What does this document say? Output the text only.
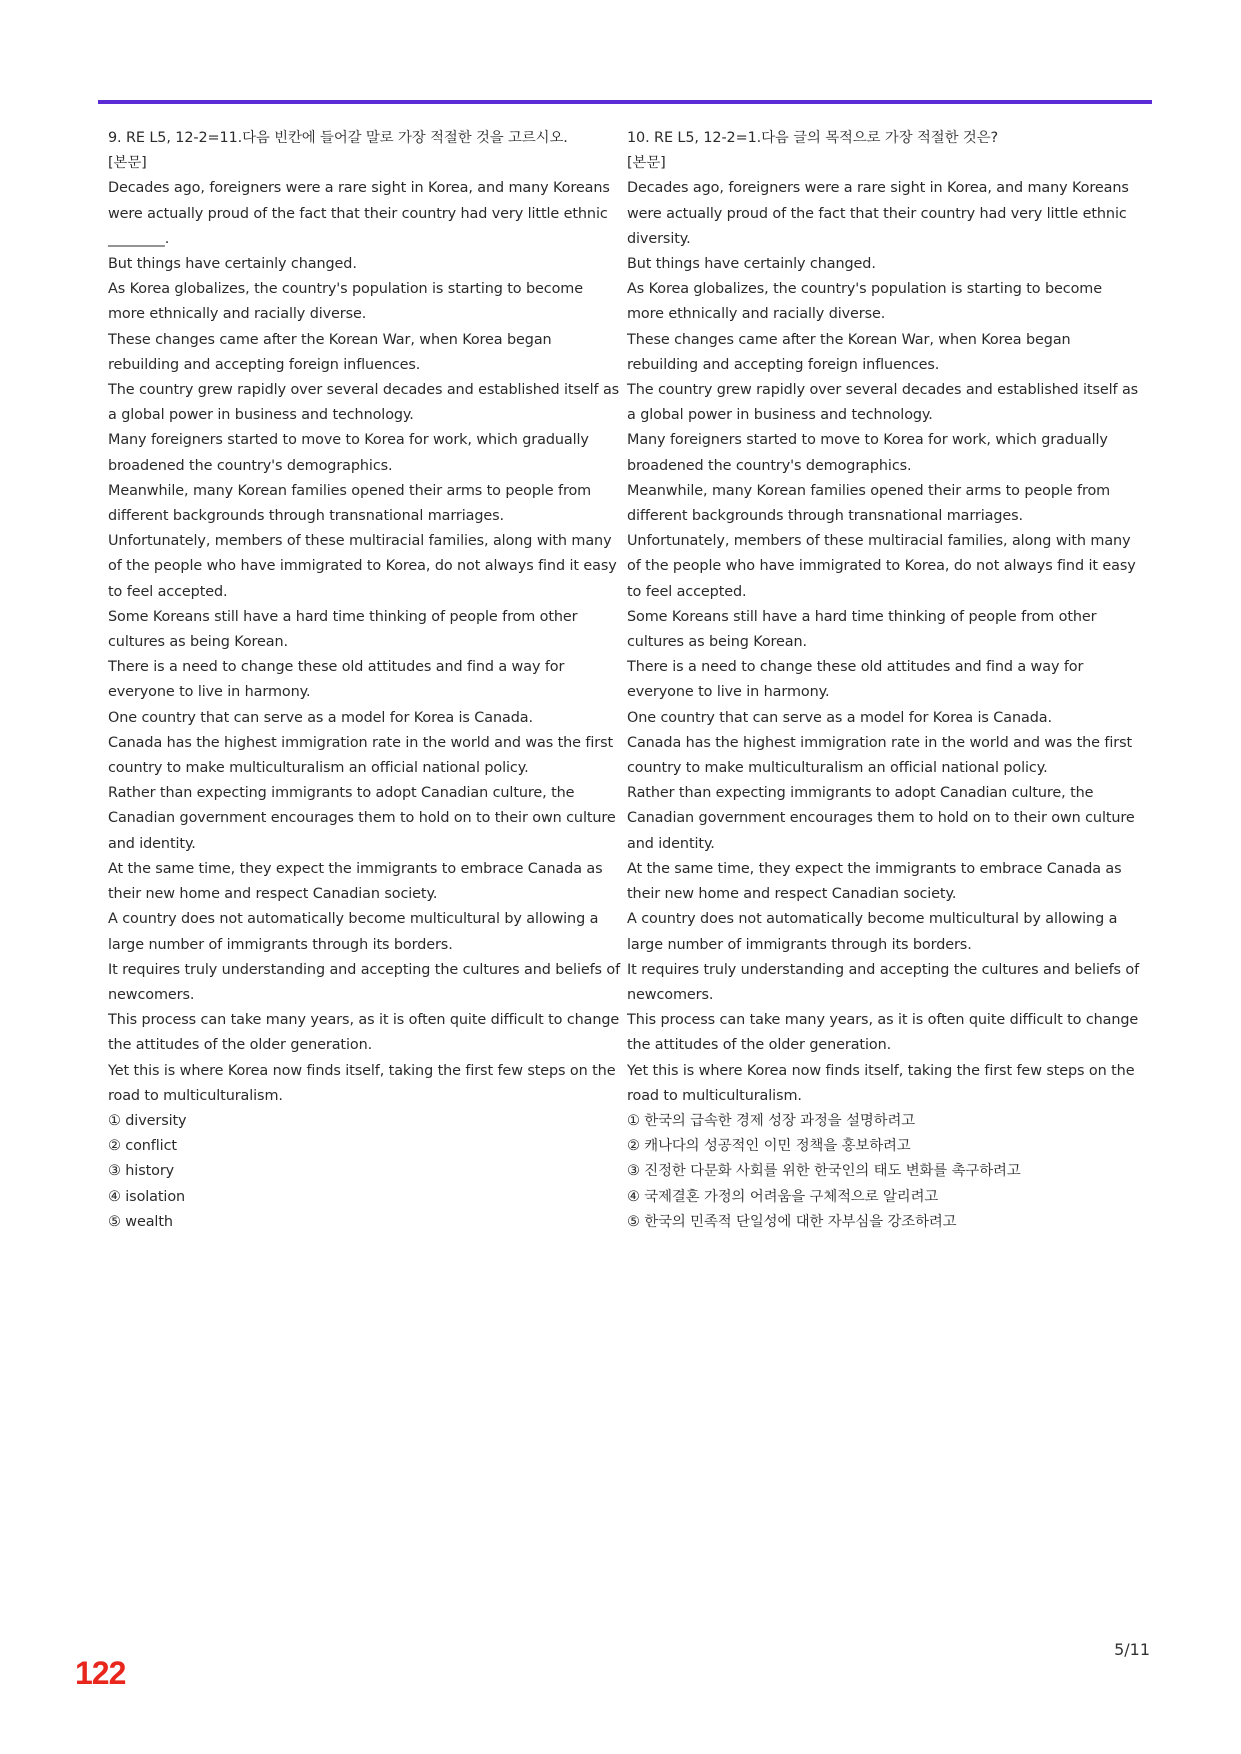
9. RE L5, 12-2=11.다음 빈칸에 들어갈 말로 가장 적절한 것을 고르시오.

[본문]

Decades ago, foreigners were a rare sight in Korea, and many Koreans were actually proud of the fact that their country had very little ethnic

________.

But things have certainly changed.

As Korea globalizes, the country's population is starting to become more ethnically and racially diverse.

These changes came after the Korean War, when Korea began rebuilding and accepting foreign influences.

The country grew rapidly over several decades and established itself as a global power in business and technology.

Many foreigners started to move to Korea for work, which gradually broadened the country's demographics.

Meanwhile, many Korean families opened their arms to people from different backgrounds through transnational marriages.

Unfortunately, members of these multiracial families, along with many of the people who have immigrated to Korea, do not always find it easy to feel accepted.

Some Koreans still have a hard time thinking of people from other cultures as being Korean.

There is a need to change these old attitudes and find a way for everyone to live in harmony.

One country that can serve as a model for Korea is Canada.

Canada has the highest immigration rate in the world and was the first country to make multiculturalism an official national policy.

Rather than expecting immigrants to adopt Canadian culture, the Canadian government encourages them to hold on to their own culture and identity.

At the same time, they expect the immigrants to embrace Canada as their new home and respect Canadian society.

A country does not automatically become multicultural by allowing a large number of immigrants through its borders.

It requires truly understanding and accepting the cultures and beliefs of newcomers.

This process can take many years, as it is often quite difficult to change the attitudes of the older generation.

Yet this is where Korea now finds itself, taking the first few steps on the road to multiculturalism.

① diversity

② conflict

③ history

④ isolation

⑤ wealth

10. RE L5, 12-2=1.다음 글의 목적으로 가장 적절한 것은?

[본문]

Decades ago, foreigners were a rare sight in Korea, and many Koreans were actually proud of the fact that their country had very little ethnic diversity.

But things have certainly changed.

As Korea globalizes, the country's population is starting to become more ethnically and racially diverse.

These changes came after the Korean War, when Korea began rebuilding and accepting foreign influences.

The country grew rapidly over several decades and established itself as a global power in business and technology.

Many foreigners started to move to Korea for work, which gradually broadened the country's demographics.

Meanwhile, many Korean families opened their arms to people from different backgrounds through transnational marriages.

Unfortunately, members of these multiracial families, along with many of the people who have immigrated to Korea, do not always find it easy to feel accepted.

Some Koreans still have a hard time thinking of people from other cultures as being Korean.

There is a need to change these old attitudes and find a way for everyone to live in harmony.

One country that can serve as a model for Korea is Canada.

Canada has the highest immigration rate in the world and was the first country to make multiculturalism an official national policy.

Rather than expecting immigrants to adopt Canadian culture, the Canadian government encourages them to hold on to their own culture and identity.

At the same time, they expect the immigrants to embrace Canada as their new home and respect Canadian society.

A country does not automatically become multicultural by allowing a large number of immigrants through its borders.

It requires truly understanding and accepting the cultures and beliefs of newcomers.

This process can take many years, as it is often quite difficult to change the attitudes of the older generation.

Yet this is where Korea now finds itself, taking the first few steps on the road to multiculturalism.

① 한국의 급속한 경제 성장 과정을 설명하려고

② 캐나다의 성공적인 이민 정책을 홍보하려고

③ 진정한 다문화 사회를 위한 한국인의 태도 변화를 촉구하려고

④ 국제결혼 가정의 어려움을 구체적으로 알리려고

⑤ 한국의 민족적 단일성에 대한 자부심을 강조하려고

5/11
122
